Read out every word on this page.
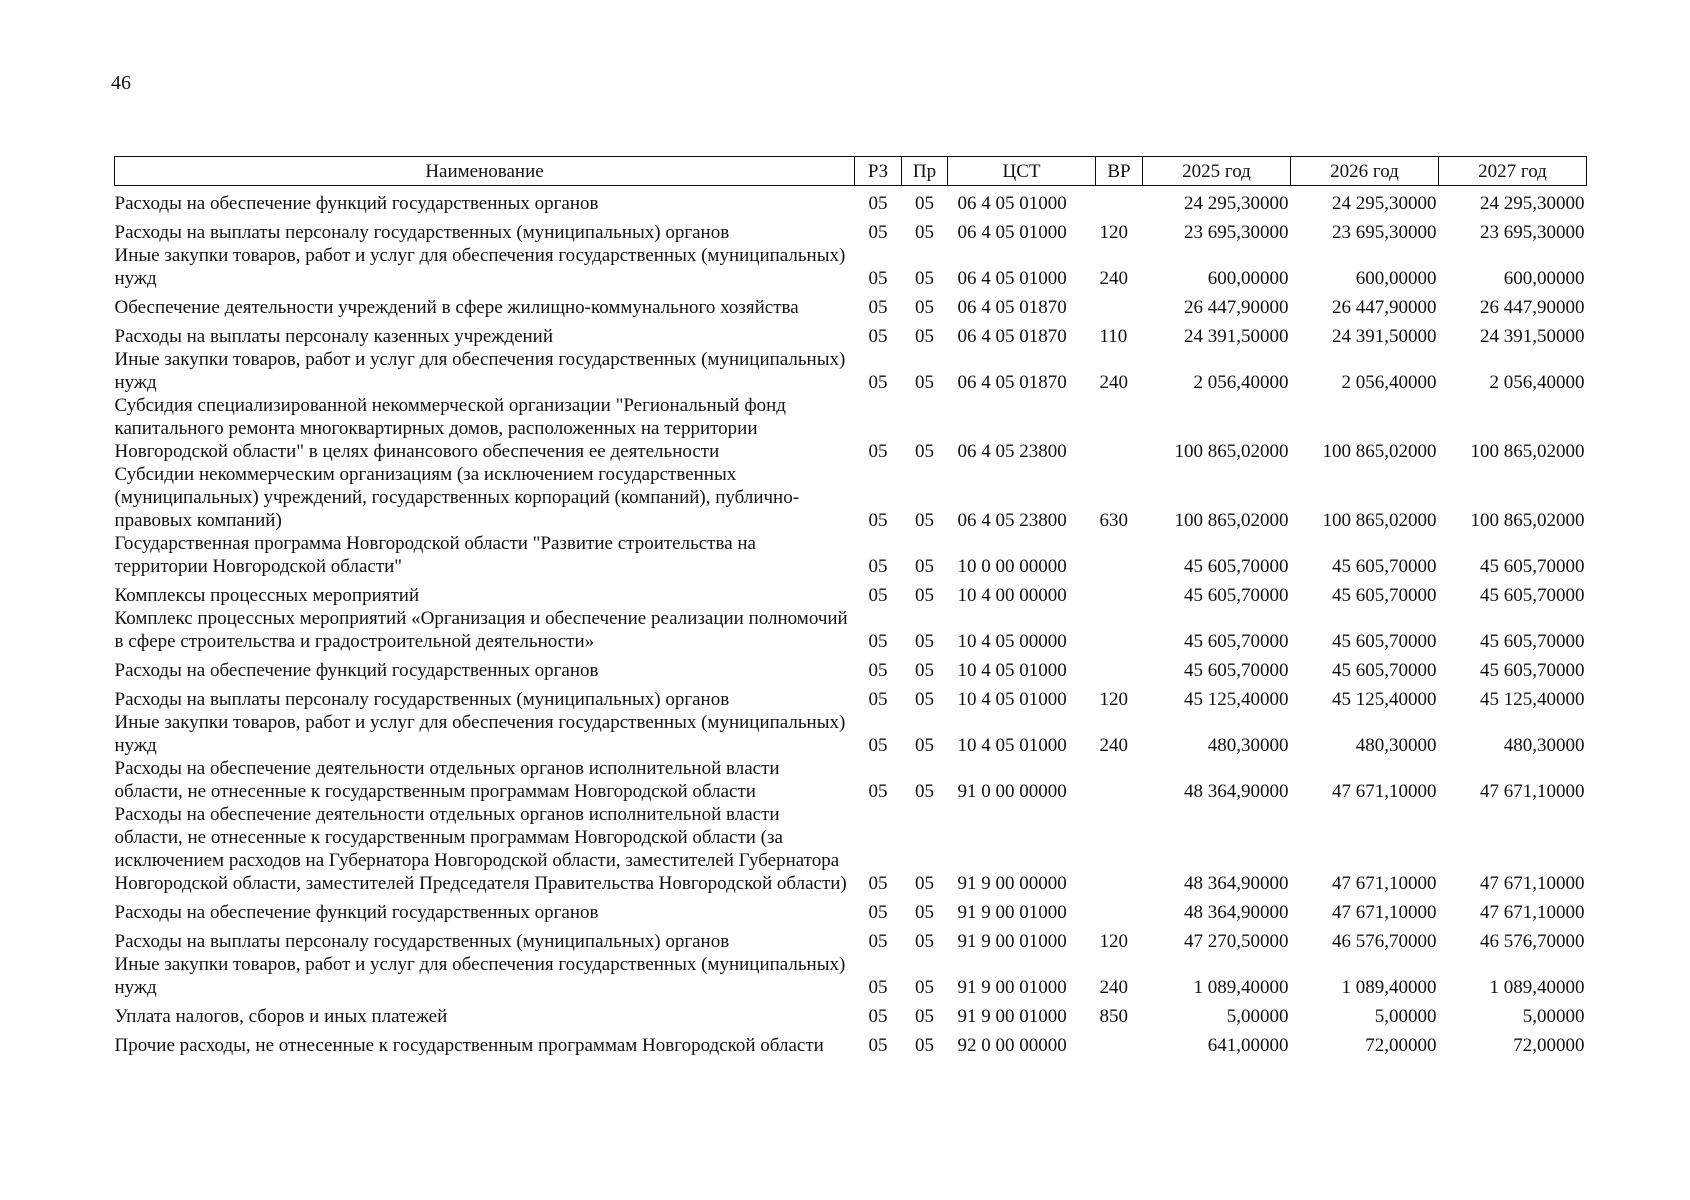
46
Наименование	РЗ	Пр	ЦСТ	ВР	2025 год	2026 год	2027 год
Расходы на обеспечение функций государственных органов	05	05	06 4 05 01000		24 295,30000	24 295,30000	24 295,30000
Расходы на выплаты персоналу государственных (муниципальных) органов	05	05	06 4 05 01000	120	23 695,30000	23 695,30000	23 695,30000
Иные закупки товаров, работ и услуг для обеспечения государственных (муниципальных) нужд	05	05	06 4 05 01000	240	600,00000	600,00000	600,00000
Обеспечение деятельности учреждений в сфере жилищно-коммунального хозяйства	05	05	06 4 05 01870		26 447,90000	26 447,90000	26 447,90000
Расходы на выплаты персоналу казенных учреждений	05	05	06 4 05 01870	110	24 391,50000	24 391,50000	24 391,50000
Иные закупки товаров, работ и услуг для обеспечения государственных (муниципальных) нужд	05	05	06 4 05 01870	240	2 056,40000	2 056,40000	2 056,40000
Субсидия специализированной некоммерческой организации "Региональный фонд капитального ремонта многоквартирных домов, расположенных на территории Новгородской области" в целях финансового обеспечения ее деятельности	05	05	06 4 05 23800		100 865,02000	100 865,02000	100 865,02000
Субсидии некоммерческим организациям (за исключением государственных (муниципальных) учреждений, государственных корпораций (компаний), публично-правовых компаний)	05	05	06 4 05 23800	630	100 865,02000	100 865,02000	100 865,02000
Государственная программа Новгородской области "Развитие строительства на территории Новгородской области"	05	05	10 0 00 00000		45 605,70000	45 605,70000	45 605,70000
Комплексы процессных мероприятий	05	05	10 4 00 00000		45 605,70000	45 605,70000	45 605,70000
Комплекс процессных мероприятий «Организация и обеспечение реализации полномочий в сфере строительства и градостроительной деятельности»	05	05	10 4 05 00000		45 605,70000	45 605,70000	45 605,70000
Расходы на обеспечение функций государственных органов	05	05	10 4 05 01000		45 605,70000	45 605,70000	45 605,70000
Расходы на выплаты персоналу государственных (муниципальных) органов	05	05	10 4 05 01000	120	45 125,40000	45 125,40000	45 125,40000
Иные закупки товаров, работ и услуг для обеспечения государственных (муниципальных) нужд	05	05	10 4 05 01000	240	480,30000	480,30000	480,30000
Расходы на обеспечение деятельности отдельных органов исполнительной власти области, не отнесенные к государственным программам Новгородской области	05	05	91 0 00 00000		48 364,90000	47 671,10000	47 671,10000
Расходы на обеспечение деятельности отдельных органов исполнительной власти области, не отнесенные к государственным программам Новгородской области (за исключением расходов на Губернатора Новгородской области, заместителей Губернатора Новгородской области, заместителей Председателя Правительства Новгородской области)	05	05	91 9 00 00000		48 364,90000	47 671,10000	47 671,10000
Расходы на обеспечение функций государственных органов	05	05	91 9 00 01000		48 364,90000	47 671,10000	47 671,10000
Расходы на выплаты персоналу государственных (муниципальных) органов	05	05	91 9 00 01000	120	47 270,50000	46 576,70000	46 576,70000
Иные закупки товаров, работ и услуг для обеспечения государственных (муниципальных) нужд	05	05	91 9 00 01000	240	1 089,40000	1 089,40000	1 089,40000
Уплата налогов, сборов и иных платежей	05	05	91 9 00 01000	850	5,00000	5,00000	5,00000
Прочие расходы, не отнесенные к государственным программам Новгородской области	05	05	92 0 00 00000		641,00000	72,00000	72,00000
